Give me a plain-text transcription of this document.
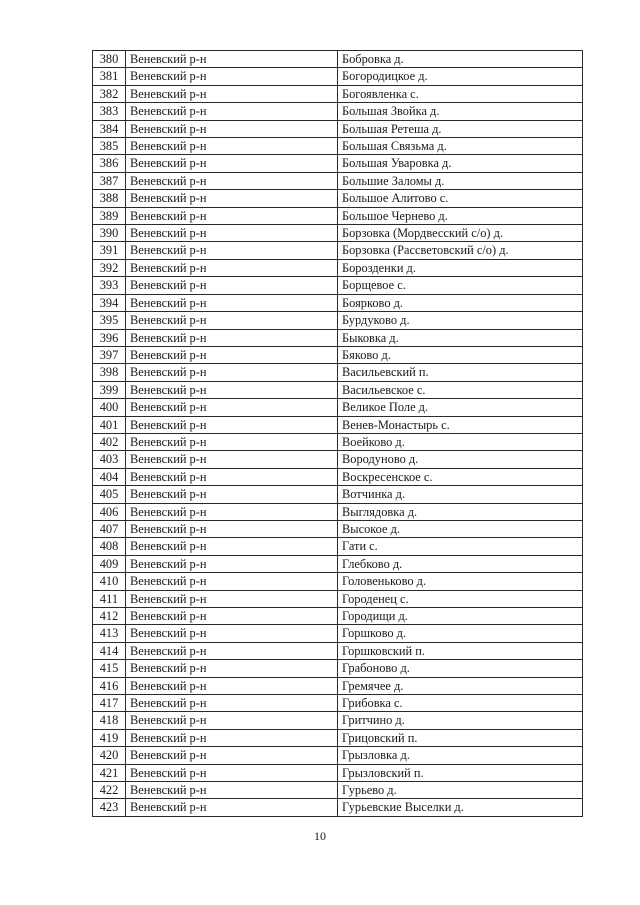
380	Веневский р-н	Бобровка д.
381	Веневский р-н	Богородицкое д.
382	Веневский р-н	Богоявленка с.
383	Веневский р-н	Большая Звойка д.
384	Веневский р-н	Большая Ретеша д.
385	Веневский р-н	Большая Связьма д.
386	Веневский р-н	Большая Уваровка д.
387	Веневский р-н	Большие Заломы д.
388	Веневский р-н	Большое Алитово с.
389	Веневский р-н	Большое Чернево д.
390	Веневский р-н	Борзовка (Мордвесский с/о) д.
391	Веневский р-н	Борзовка (Рассветовский с/о) д.
392	Веневский р-н	Борозденки д.
393	Веневский р-н	Борщевое с.
394	Веневский р-н	Боярково д.
395	Веневский р-н	Бурдуково д.
396	Веневский р-н	Быковка д.
397	Веневский р-н	Бяково д.
398	Веневский р-н	Васильевский п.
399	Веневский р-н	Васильевское с.
400	Веневский р-н	Великое Поле д.
401	Веневский р-н	Венев-Монастырь с.
402	Веневский р-н	Воейково д.
403	Веневский р-н	Вородуново д.
404	Веневский р-н	Воскресенское с.
405	Веневский р-н	Вотчинка д.
406	Веневский р-н	Выглядовка д.
407	Веневский р-н	Высокое д.
408	Веневский р-н	Гати с.
409	Веневский р-н	Глебково д.
410	Веневский р-н	Головеньково д.
411	Веневский р-н	Городенец с.
412	Веневский р-н	Городищи д.
413	Веневский р-н	Горшково д.
414	Веневский р-н	Горшковский п.
415	Веневский р-н	Грабоново д.
416	Веневский р-н	Гремячее д.
417	Веневский р-н	Грибовка с.
418	Веневский р-н	Гритчино д.
419	Веневский р-н	Грицовский п.
420	Веневский р-н	Грызловка д.
421	Веневский р-н	Грызловский п.
422	Веневский р-н	Гурьево д.
423	Веневский р-н	Гурьевские Выселки д.
10
